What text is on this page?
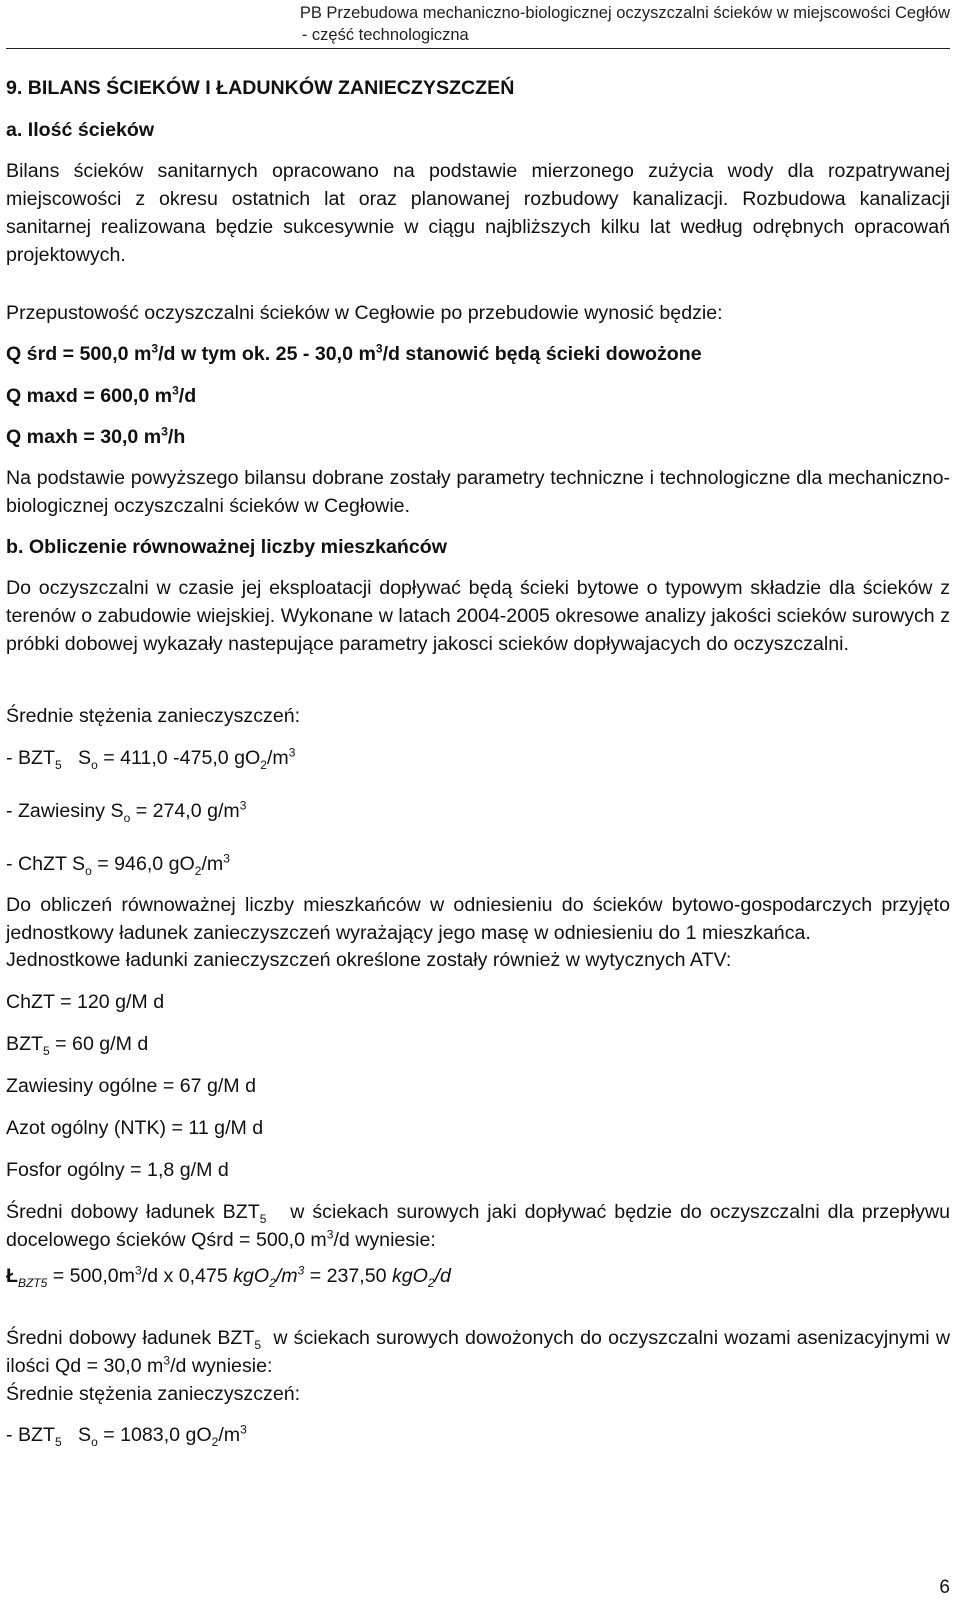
PB Przebudowa mechaniczno-biologicznej oczyszczalni ścieków w miejscowości Cegłów
- część technologiczna
9. BILANS ŚCIEKÓW I ŁADUNKÓW ZANIECZYSZCZEŃ
a. Ilość ścieków
Bilans ścieków sanitarnych opracowano na podstawie mierzonego zużycia wody dla rozpatrywanej miejscowości z okresu ostatnich lat oraz planowanej rozbudowy kanalizacji. Rozbudowa kanalizacji sanitarnej realizowana będzie sukcesywnie w ciągu najbliższych kilku lat według odrębnych opracowań projektowych.
Przepustowość oczyszczalni ścieków w Cegłowie po przebudowie wynosić będzie:
Q śrd = 500,0 $m^3/d$ w tym ok. 25 - 30,0 $m^3/d$ stanowić będą ścieki dowożone
Q maxd = 600,0 $m^3/d$
Q maxh = 30,0 $m^3/h$
Na podstawie powyższego bilansu dobrane zostały parametry techniczne i technologiczne dla mechaniczno-biologicznej oczyszczalni ścieków w Cegłowie.
b. Obliczenie równoważnej liczby mieszkańców
Do oczyszczalni w czasie jej eksploatacji dopływać będą ścieki bytowe o typowym składzie dla ścieków z terenów o zabudowie wiejskiej. Wykonane w latach 2004-2005 okresowe analizy jakości scieków surowych z próbki dobowej wykazały nastepujące parametry jakosci scieków dopływajacych do oczyszczalni.
Średnie stężenia zanieczyszczeń:
- $BZT_5$ $S_o = 411,0$ -475,0 $gO_2/m^3$
- Zawiesiny $S_o = 274,0$ $g/m^3$
- ChZT $S_o = 946,0$ $gO_2/m^3$
Do obliczeń równoważnej liczby mieszkańców w odniesieniu do ścieków bytowo-gospodarczych przyjęto jednostkowy ładunek zanieczyszczeń wyrażający jego masę w odniesieniu do 1 mieszkańca.
Jednostkowe ładunki zanieczyszczeń określone zostały również w wytycznych ATV:
ChZT = 120 g/M d
$BZT_5 = 60$ g/M d
Zawiesiny ogólne = 67 g/M d
Azot ogólny (NTK) = 11 g/M d
Fosfor ogólny = 1,8 g/M d
Średni dobowy ładunek $BZT_5$ w ściekach surowych jaki dopływać będzie do oczyszczalni dla przepływu docelowego ścieków Qśrd = 500,0 $m^3/d$ wyniesie:
$Ł_{BZT5} = 500,0m^3/d$ x 0,475 $kgO_2/m^3 = 237,50$ kgO$_2$/d
Średni dobowy ładunek $BZT_5$ w ściekach surowych dowożonych do oczyszczalni wozami asenizacyjnymi w ilości Qd = 30,0 $m^3/d$ wyniesie:
Średnie stężenia zanieczyszczeń:
- $BZT_5$ $S_o = 1083,0$ $gO_2/m^3$
6
